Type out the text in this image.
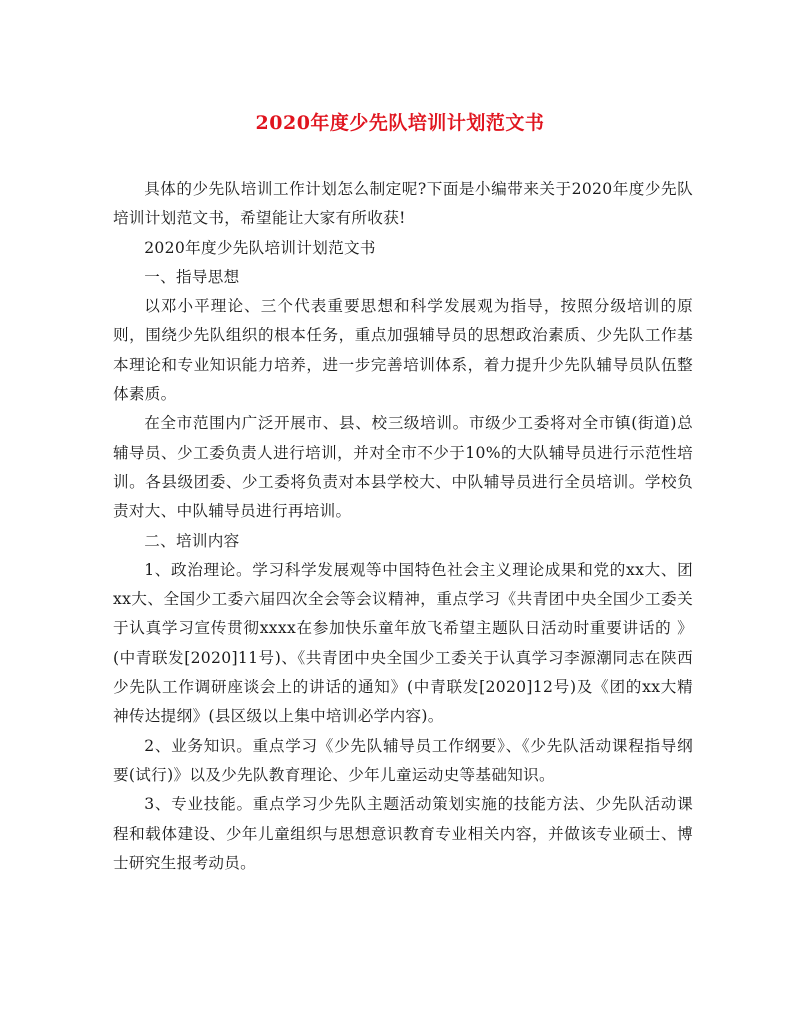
2020年度少先队培训计划范文书

具体的少先队培训工作计划怎么制定呢?下面是小编带来关于2020年度少先队培训计划范文书，希望能让大家有所收获!

2020年度少先队培训计划范文书

一、指导思想

以邓小平理论、三个代表重要思想和科学发展观为指导，按照分级培训的原则，围绕少先队组织的根本任务，重点加强辅导员的思想政治素质、少先队工作基本理论和专业知识能力培养，进一步完善培训体系，着力提升少先队辅导员队伍整体素质。

在全市范围内广泛开展市、县、校三级培训。市级少工委将对全市镇(街道)总辅导员、少工委负责人进行培训，并对全市不少于10%的大队辅导员进行示范性培训。各县级团委、少工委将负责对本县学校大、中队辅导员进行全员培训。学校负责对大、中队辅导员进行再培训。

二、培训内容

1、政治理论。学习科学发展观等中国特色社会主义理论成果和党的xx大、团xx大、全国少工委六届四次全会等会议精神，重点学习《共青团中央全国少工委关于认真学习宣传贯彻xxxx在参加快乐童年放飞希望主题队日活动时重要讲话的 》(中青联发[2020]11号)、《共青团中央全国少工委关于认真学习李源潮同志在陕西少先队工作调研座谈会上的讲话的通知》(中青联发[2020]12号)及《团的xx大精神传达提纲》(县区级以上集中培训必学内容)。

2、业务知识。重点学习《少先队辅导员工作纲要》、《少先队活动课程指导纲要(试行)》以及少先队教育理论、少年儿童运动史等基础知识。

3、专业技能。重点学习少先队主题活动策划实施的技能方法、少先队活动课程和载体建设、少年儿童组织与思想意识教育专业相关内容，并做该专业硕士、博士研究生报考动员。
